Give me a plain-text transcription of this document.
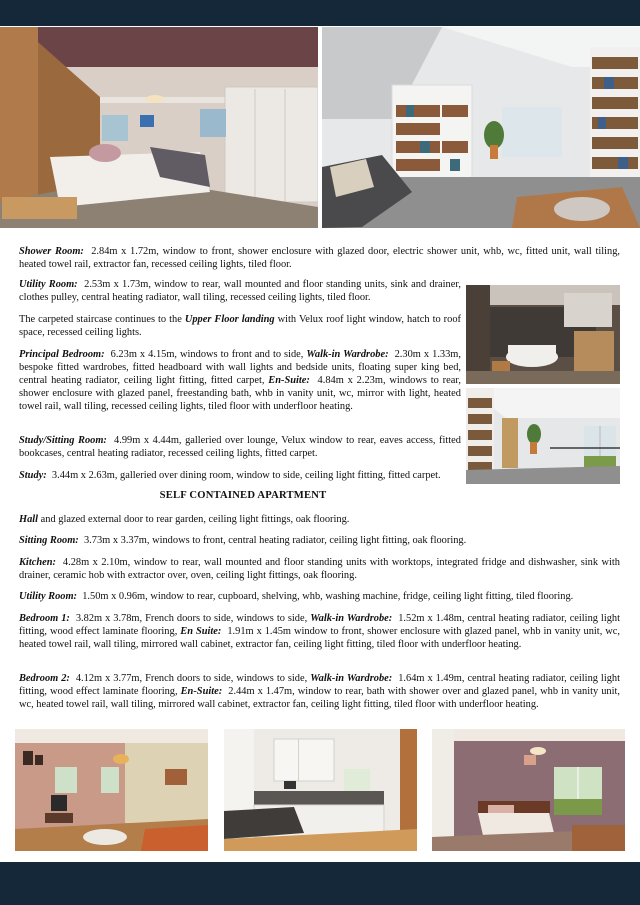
Shower Room: 2.84m x 1.72m, window to front, shower enclosure with glazed door, electric shower unit, whb, wc, fitted unit, wall tiling, heated towel rail, extractor fan, recessed ceiling lights, tiled floor.

Utility Room: 2.53m x 1.73m, window to rear, wall mounted and floor standing units, sink and drainer, clothes pulley, central heating radiator, wall tiling, recessed ceiling lights, tiled floor.

The carpeted staircase continues to the Upper Floor landing with Velux roof light window, hatch to roof space, recessed ceiling lights.

Principal Bedroom: 6.23m x 4.15m, windows to front and to side, Walk-in Wardrobe: 2.30m x 1.33m, bespoke fitted wardrobes, fitted headboard with wall lights and bedside units, floating super king bed, central heating radiator, ceiling light fitting, fitted carpet, En-Suite: 4.84m x 2.23m, windows to rear, shower enclosure with glazed panel, freestanding bath, whb in vanity unit, wc, mirror with light, heated towel rail, wall tiling, recessed ceiling lights, tiled floor with underfloor heating.

Study/Sitting Room: 4.99m x 4.44m, galleried over lounge, Velux window to rear, eaves access, fitted bookcases, central heating radiator, recessed ceiling lights, fitted carpet.

Study: 3.44m x 2.63m, galleried over dining room, window to side, ceiling light fitting, fitted carpet.

SELF CONTAINED APARTMENT

Hall and glazed external door to rear garden, ceiling light fittings, oak flooring.

Sitting Room: 3.73m x 3.37m, windows to front, central heating radiator, ceiling light fitting, oak flooring.

Kitchen: 4.28m x 2.10m, window to rear, wall mounted and floor standing units with worktops, integrated fridge and dishwasher, sink with drainer, ceramic hob with extractor over, oven, ceiling light fittings, oak flooring.

Utility Room: 1.50m x 0.96m, window to rear, cupboard, shelving, whb, washing machine, fridge, ceiling light fitting, tiled flooring.

Bedroom 1: 3.82m x 3.78m, French doors to side, windows to side, Walk-in Wardrobe: 1.52m x 1.48m, central heating radiator, ceiling light fitting, wood effect laminate flooring, En Suite: 1.91m x 1.45m window to front, shower enclosure with glazed panel, whb in vanity unit, wc, heated towel rail, wall tiling, mirrored wall cabinet, extractor fan, ceiling light fitting, tiled floor with underfloor heating.

Bedroom 2: 4.12m x 3.77m, French doors to side, windows to side, Walk-in Wardrobe: 1.64m x 1.49m, central heating radiator, ceiling light fitting, wood effect laminate flooring, En-Suite: 2.44m x 1.47m, window to rear, bath with shower over and glazed panel, whb in vanity unit, wc, heated towel rail, wall tiling, mirrored wall cabinet, extractor fan, ceiling light fitting, tiled floor with underfloor heating.
